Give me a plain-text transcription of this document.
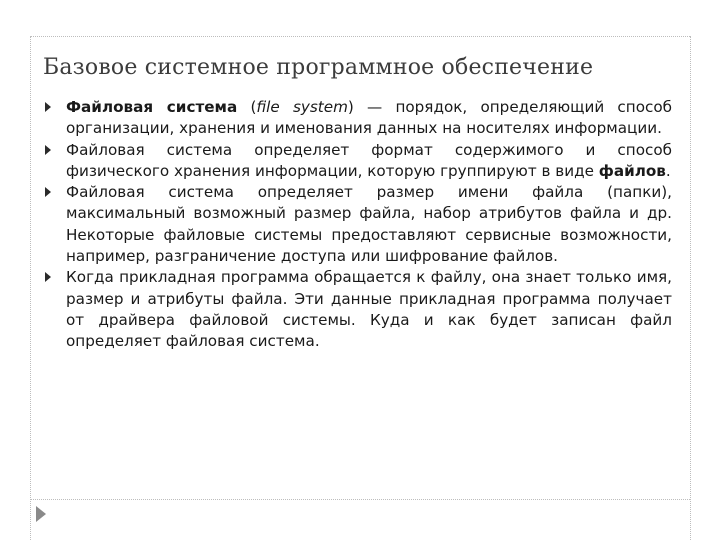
Базовое системное программное обеспечение
Файловая система (file system) — порядок, определяющий способ организации, хранения и именования данных на носителях информации.
Файловая система определяет формат содержимого и способ физического хранения информации, которую группируют в виде файлов.
Файловая система определяет размер имени файла (папки), максимальный возможный размер файла, набор атрибутов файла и др. Некоторые файловые системы предоставляют сервисные возможности, например, разграничение доступа или шифрование файлов.
Когда прикладная программа обращается к файлу, она знает только имя, размер и атрибуты файла. Эти данные прикладная программа получает от драйвера файловой системы. Куда и как будет записан файл определяет файловая система.
